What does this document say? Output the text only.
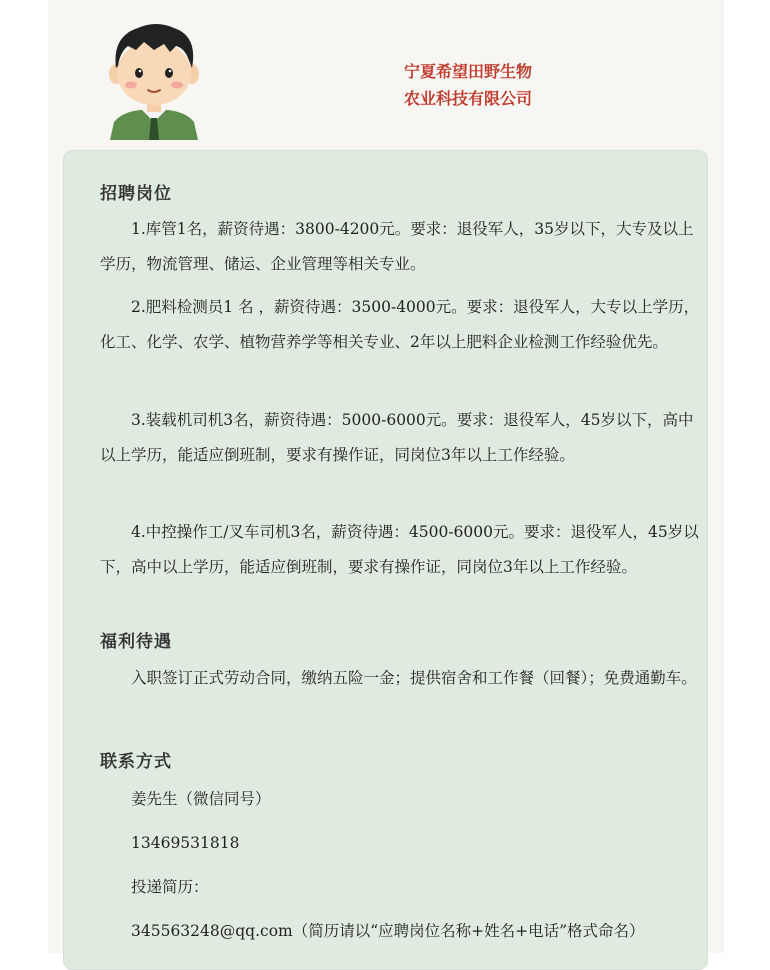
宁夏希望田野生物
农业科技有限公司
招聘岗位
1.库管1名，薪资待遇：3800-4200元。要求：退役军人，35岁以下，大专及以上学历，物流管理、储运、企业管理等相关专业。
2.肥料检测员1 名 ，薪资待遇：3500-4000元。要求：退役军人，大专以上学历，化工、化学、农学、植物营养学等相关专业、2年以上肥料企业检测工作经验优先。
3.装载机司机3名，薪资待遇：5000-6000元。要求：退役军人，45岁以下，高中以上学历，能适应倒班制，要求有操作证，同岗位3年以上工作经验。
4.中控操作工/叉车司机3名，薪资待遇：4500-6000元。要求：退役军人，45岁以下，高中以上学历，能适应倒班制，要求有操作证，同岗位3年以上工作经验。
福利待遇
入职签订正式劳动合同，缴纳五险一金；提供宿舍和工作餐（回餐）；免费通勤车。
联系方式
姜先生（微信同号）
13469531818
投递简历：
345563248@qq.com（简历请以“应聘岗位名称+姓名+电话”格式命名）
